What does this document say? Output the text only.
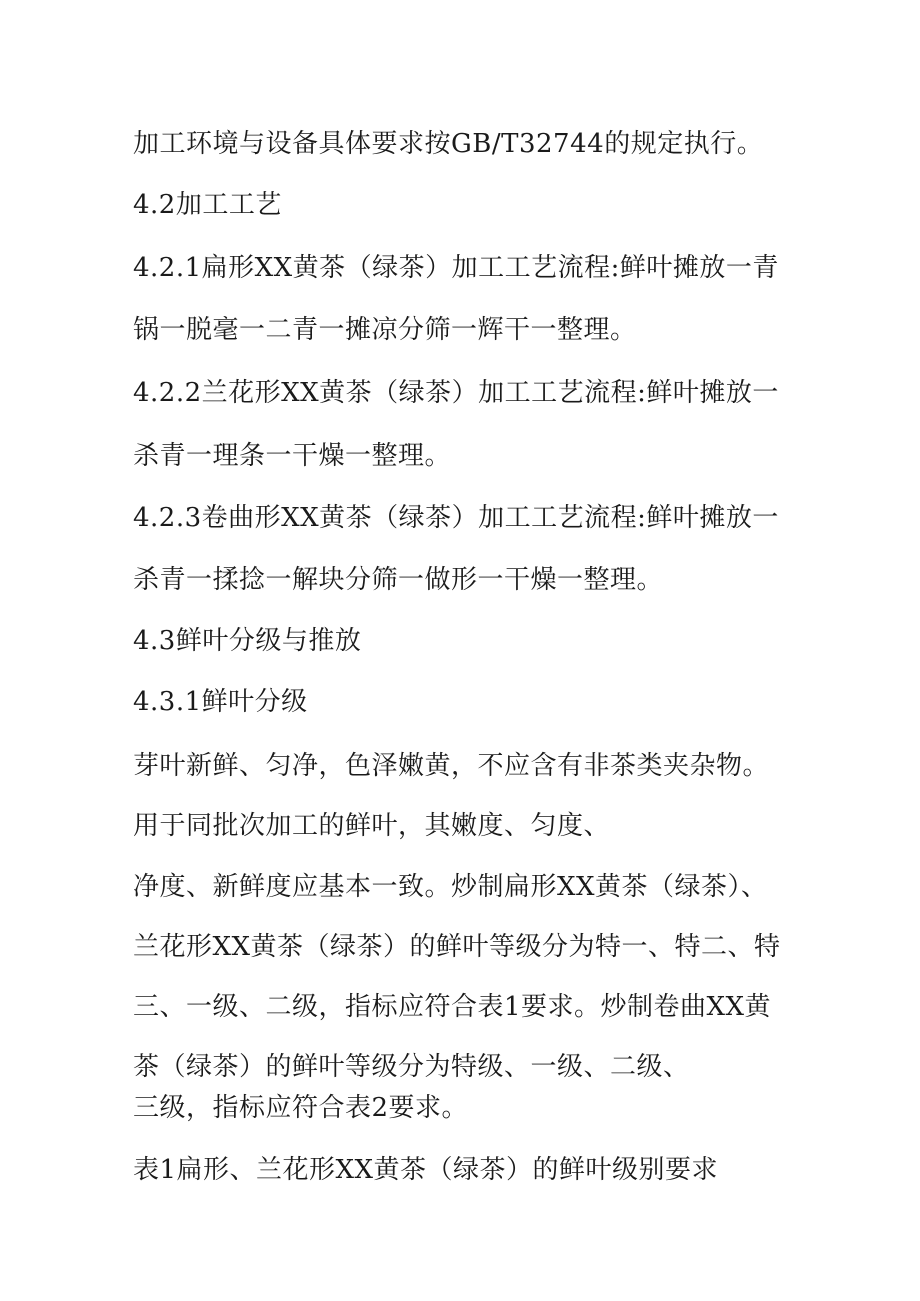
加工环境与设备具体要求按GB/T32744的规定执行。
4.2加工工艺
4.2.1扁形XX黄茶（绿茶）加工工艺流程:鲜叶摊放一青
锅一脱毫一二青一摊凉分筛一辉干一整理。
4.2.2兰花形XX黄茶（绿茶）加工工艺流程:鲜叶摊放一
杀青一理条一干燥一整理。
4.2.3卷曲形XX黄茶（绿茶）加工工艺流程:鲜叶摊放一
杀青一揉捻一解块分筛一做形一干燥一整理。
4.3鲜叶分级与推放
4.3.1鲜叶分级
芽叶新鲜、匀净，色泽嫩黄，不应含有非茶类夹杂物。
用于同批次加工的鲜叶，其嫩度、匀度、
净度、新鲜度应基本一致。炒制扁形XX黄茶（绿茶）、
兰花形XX黄茶（绿茶）的鲜叶等级分为特一、特二、特
三、一级、二级，指标应符合表1要求。炒制卷曲XX黄
茶（绿茶）的鲜叶等级分为特级、一级、二级、
三级，指标应符合表2要求。
表1扁形、兰花形XX黄茶（绿茶）的鲜叶级别要求
